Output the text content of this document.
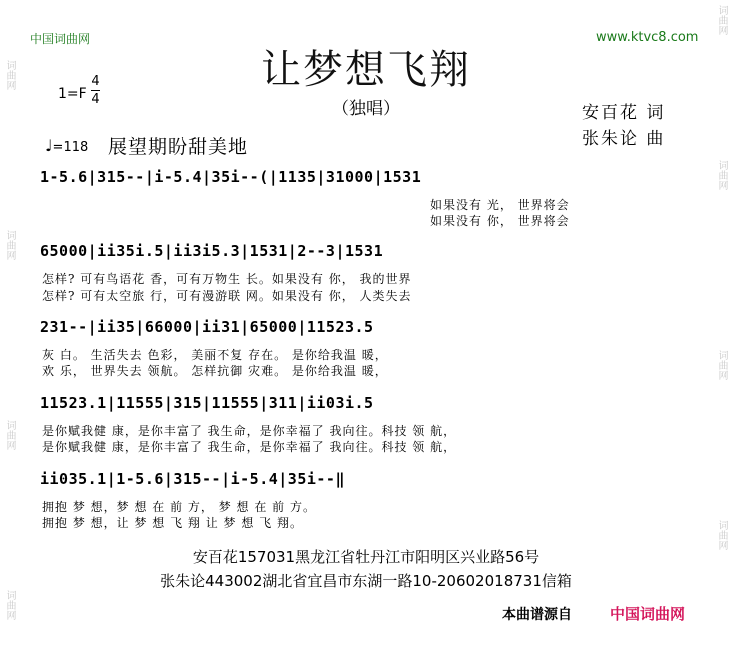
中国词曲网	www.ktvc8.com
词曲网
词曲网
词曲网
词曲网
词曲网
词曲网
词曲网
词曲网
让梦想飞翔
（独唱）
1=F
4
4
安百花 词
张朱论 曲
♩=118 展望期盼甜美地
1-5.6|315--|i-5.4|35i--(|1135|31000|1531
如果没有 光， 世界将会
如果没有 你， 世界将会
65000|ii35i.5|ii3i5.3|1531|2--3|1531
怎样? 可有鸟语花 香，可有万物生 长。如果没有 你， 我的世界
怎样? 可有太空旅 行，可有漫游联 网。如果没有 你， 人类失去
231--|ii35|66000|ii31|65000|11523.5
灰 白。 生活失去 色彩， 美丽不复 存在。 是你给我温 暖，
欢 乐， 世界失去 领航。 怎样抗御 灾难。 是你给我温 暖，
11523.1|11555|315|11555|311|ii03i.5
是你赋我健 康，是你丰富了 我生命，是你幸福了 我向往。科技 领 航，
是你赋我健 康，是你丰富了 我生命，是你幸福了 我向往。科技 领 航，
ii035.1|1-5.6|315--|i-5.4|35i--‖
拥抱 梦 想，梦 想 在 前 方， 梦 想 在 前 方。
拥抱 梦 想，让 梦 想 飞 翔 让 梦 想 飞 翔。
安百花157031黑龙江省牡丹江市阳明区兴业路56号
张朱论443002湖北省宜昌市东湖一路10-20602018731信箱
本曲谱源自	中国词曲网
